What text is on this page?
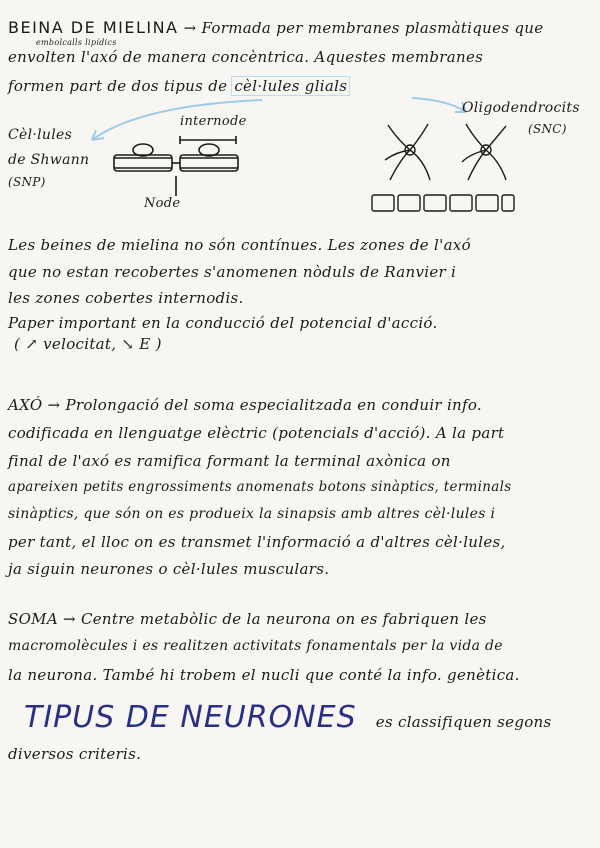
BEINA DE MIELINA → Formada per membranes plasmàtiques que
embolcalls lipídics
envolten l'axó de manera concèntrica. Aquestes membranes
formen part de dos tipus de cèl·lules glials
Cèl·lules
de Shwann
(SNP)
internode
Node
Oligodendrocits
(SNC)
Les beines de mielina no són contínues. Les zones de l'axó
que no estan recobertes s'anomenen nòduls de Ranvier i
les zones cobertes internodis.
Paper important en la conducció del potencial d'acció.
( ↗ velocitat, ↘ E )
AXÓ → Prolongació del soma especialitzada en conduir info.
codificada en llenguatge elèctric (potencials d'acció). A la part
final de l'axó es ramifica formant la terminal axònica on
apareixen petits engrossiments anomenats botons sinàptics, terminals
sinàptics, que són on es produeix la sinapsis amb altres cèl·lules i
per tant, el lloc on es transmet l'informació a d'altres cèl·lules,
ja siguin neurones o cèl·lules musculars.
SOMA → Centre metabòlic de la neurona on es fabriquen les
macromolècules i es realitzen activitats fonamentals per la vida de
la neurona. També hi trobem el nucli que conté la info. genètica.
TIPUS DE NEURONES es classifiquen segons
diversos criteris.
